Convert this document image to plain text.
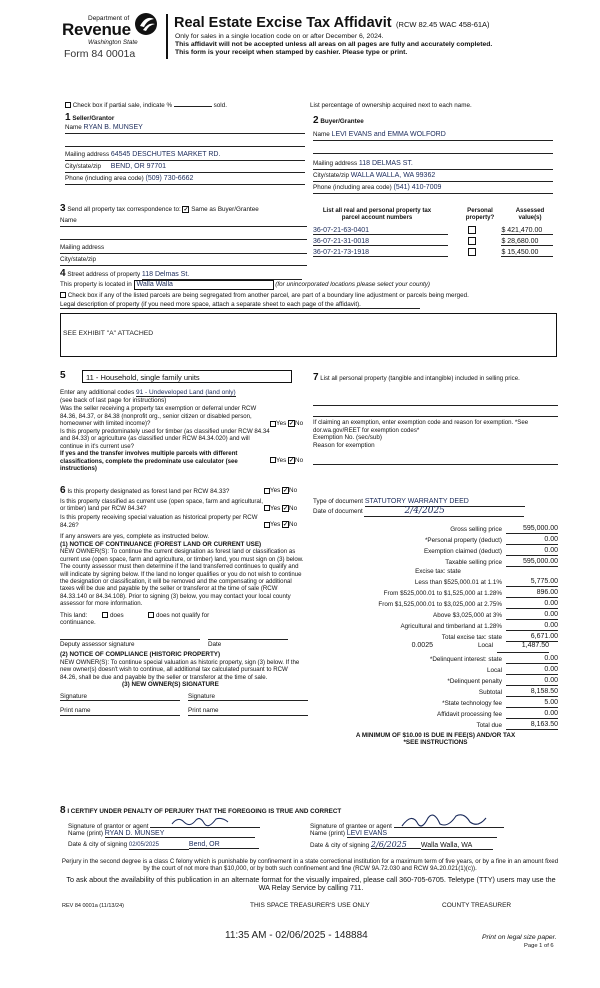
Department of
Revenue
Washington State
Form 84 0001a
Real Estate Excise Tax Affidavit (RCW 82.45 WAC 458-61A)
Only for sales in a single location code on or after December 6, 2024.
This affidavit will not be accepted unless all areas on all pages are fully and accurately completed.
This form is your receipt when stamped by cashier. Please type or print.
Check box if partial sale, indicate %	sold.	List percentage of ownership acquired next to each name.
1 Seller/Grantor
Name RYAN B. MUNSEY
Mailing address 64545 DESCHUTES MARKET RD.
City/state/zip BEND, OR 97701
Phone (including area code) (509) 730-6662
2 Buyer/Grantee
Name LEVI EVANS and EMMA WOLFORD
Mailing address 118 DELMAS ST.
City/state/zip WALLA WALLA, WA 99362
Phone (including area code) (541) 410-7009
3 Send all property tax correspondence to: ✓ Same as Buyer/Grantee
Name
Mailing address
City/state/zip
List all real and personal property tax parcel account numbers
Personal property?
Assessed value(s)
36-07-21-63-0401	$ 421,470.00
36-07-21-31-0018	$ 28,680.00
36-07-21-73-1918	$ 15,450.00
4 Street address of property 118 Delmas St.
This property is located in Walla Walla	(for unincorporated locations please select your county)
Check box if any of the listed parcels are being segregated from another parcel, are part of a boundary line adjustment or parcels being merged.
Legal description of property (if you need more space, attach a separate sheet to each page of the affidavit).
SEE EXHIBIT "A" ATTACHED
5	11 - Household, single family units
Enter any additional codes 91 - Undeveloped Land (land only)
(see back of last page for instructions)
Was the seller receiving a property tax exemption or deferral under RCW 84.36, 84.37, or 84.38 (nonprofit org., senior citizen or disabled person, homeowner with limited income)?	Yes ✓No
Is this property predominately used for timber (as classified under RCW 84.34 and 84.33) or agriculture (as classified under RCW 84.34.020) and will continue in it's current use?
If yes and the transfer involves multiple parcels with different classifications, complete the predominate use calculator (see instructions)
Yes ✓No
6 Is this property designated as forest land per RCW 84.33?	Yes ✓No
Is this property classified as current use (open space, farm and agricultural, or timber) land per RCW 84.34?	Yes ✓No
Is this property receiving special valuation as historical property per RCW 84.26?	Yes ✓No
If any answers are yes, complete as instructed below.
(1) NOTICE OF CONTINUANCE (FOREST LAND OR CURRENT USE)
NEW OWNER(S): To continue the current designation as forest land or classification as current use (open space, farm and agriculture, or timber) land, you must sign on (3) below. The county assessor must then determine if the land transferred continues to qualify and will indicate by signing below. If the land no longer qualifies or you do not wish to continue the designation or classification, it will be removed and the compensating or additional taxes will be due and payable by the seller or transferor at the time of sale (RCW 84.33.140 or 84.34.108). Prior to signing (3) below, you may contact your local county assessor for more information.
This land:	does	does not qualify for
continuance.
Deputy assessor signature	Date
(2) NOTICE OF COMPLIANCE (HISTORIC PROPERTY)
NEW OWNER(S): To continue special valuation as historic property, sign (3) below. If the new owner(s) doesn't wish to continue, all additional tax calculated pursuant to RCW 84.26, shall be due and payable by the seller or transferor at the time of sale.
(3) NEW OWNER(S) SIGNATURE
Signature	Signature
Print name	Print name
7 List all personal property (tangible and intangible) included in selling price.
If claiming an exemption, enter exemption code and reason for exemption. *See dor.wa.gov/REET for exemption codes*
Exemption No. (sec/sub)
Reason for exemption
Type of document STATUTORY WARRANTY DEED
Date of document	2/4/2025
Gross selling price	595,000.00
*Personal property (deduct)	0.00
Exemption claimed (deduct)	0.00
Taxable selling price	595,000.00
Excise tax: state
Less than $525,000.01 at 1.1%	5,775.00
From $525,000.01 to $1,525,000 at 1.28%	896.00
From $1,525,000.01 to $3,025,000 at 2.75%	0.00
Above $3,025,000 at 3%	0.00
Agricultural and timberland at 1.28%	0.00
Total excise tax: state	6,671.00
0.0025	Local	1,487.50
*Delinquent interest: state	0.00
Local	0.00
*Delinquent penalty	0.00
Subtotal	8,158.50
*State technology fee	5.00
Affidavit processing fee	0.00
Total due	8,163.50
A MINIMUM OF $10.00 IS DUE IN FEE(S) AND/OR TAX
*SEE INSTRUCTIONS
8 I CERTIFY UNDER PENALTY OF PERJURY THAT THE FOREGOING IS TRUE AND CORRECT
Signature of grantor or agent
Name (print) RYAN D. MUNSEY
Date & city of signing 02/05/2025	Bend, OR
Signature of grantee or agent
Name (print) LEVI EVANS
Date & city of signing 2/6/2025 Walla Walla, WA
Perjury in the second degree is a class C felony which is punishable by confinement in a state correctional institution for a maximum term of five years, or by a fine in an amount fixed by the court of not more than $10,000, or by both such confinement and fine (RCW 9A.72.030 and RCW 9A.20.021(1)(c)).
To ask about the availability of this publication in an alternate format for the visually impaired, please call 360-705-6705. Teletype (TTY) users may use the WA Relay Service by calling 711.
REV 84 0001a (11/13/24)	THIS SPACE TREASURER'S USE ONLY	COUNTY TREASURER
11:35 AM - 02/06/2025 - 148884	Print on legal size paper.
Page 1 of 6
